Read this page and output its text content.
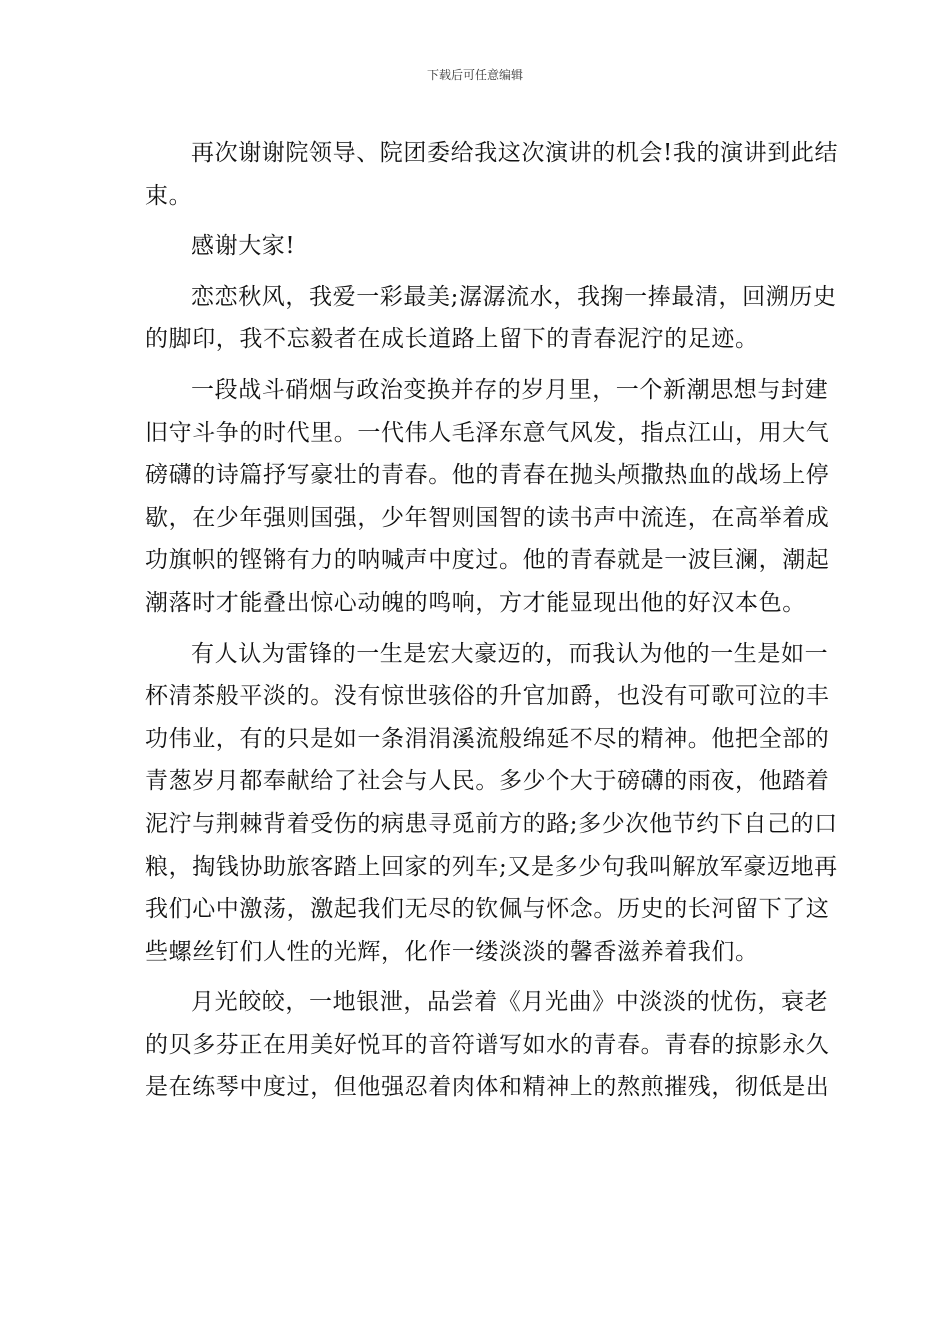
下载后可任意编辑

再次谢谢院领导、院团委给我这次演讲的机会!我的演讲到此结
束。

感谢大家!

恋恋秋风，我爱一彩最美;潺潺流水，我掬一捧最清，回溯历史
的脚印，我不忘毅者在成长道路上留下的青春泥泞的足迹。

一段战斗硝烟与政治变换并存的岁月里，一个新潮思想与封建
旧守斗争的时代里。一代伟人毛泽东意气风发，指点江山，用大气
磅礴的诗篇抒写豪壮的青春。他的青春在抛头颅撒热血的战场上停
歇，在少年强则国强，少年智则国智的读书声中流连，在高举着成
功旗帜的铿锵有力的呐喊声中度过。他的青春就是一波巨澜，潮起
潮落时才能叠出惊心动魄的鸣响，方才能显现出他的好汉本色。

有人认为雷锋的一生是宏大豪迈的，而我认为他的一生是如一
杯清茶般平淡的。没有惊世骇俗的升官加爵，也没有可歌可泣的丰
功伟业，有的只是如一条涓涓溪流般绵延不尽的精神。他把全部的
青葱岁月都奉献给了社会与人民。多少个大于磅礴的雨夜，他踏着
泥泞与荆棘背着受伤的病患寻觅前方的路;多少次他节约下自己的口
粮，掏钱协助旅客踏上回家的列车;又是多少句我叫解放军豪迈地再
我们心中激荡，激起我们无尽的钦佩与怀念。历史的长河留下了这
些螺丝钉们人性的光辉，化作一缕淡淡的馨香滋养着我们。

月光皎皎，一地银泄，品尝着《月光曲》中淡淡的忧伤，衰老
的贝多芬正在用美好悦耳的音符谱写如水的青春。青春的掠影永久
是在练琴中度过，但他强忍着肉体和精神上的熬煎摧残，彻低是出
